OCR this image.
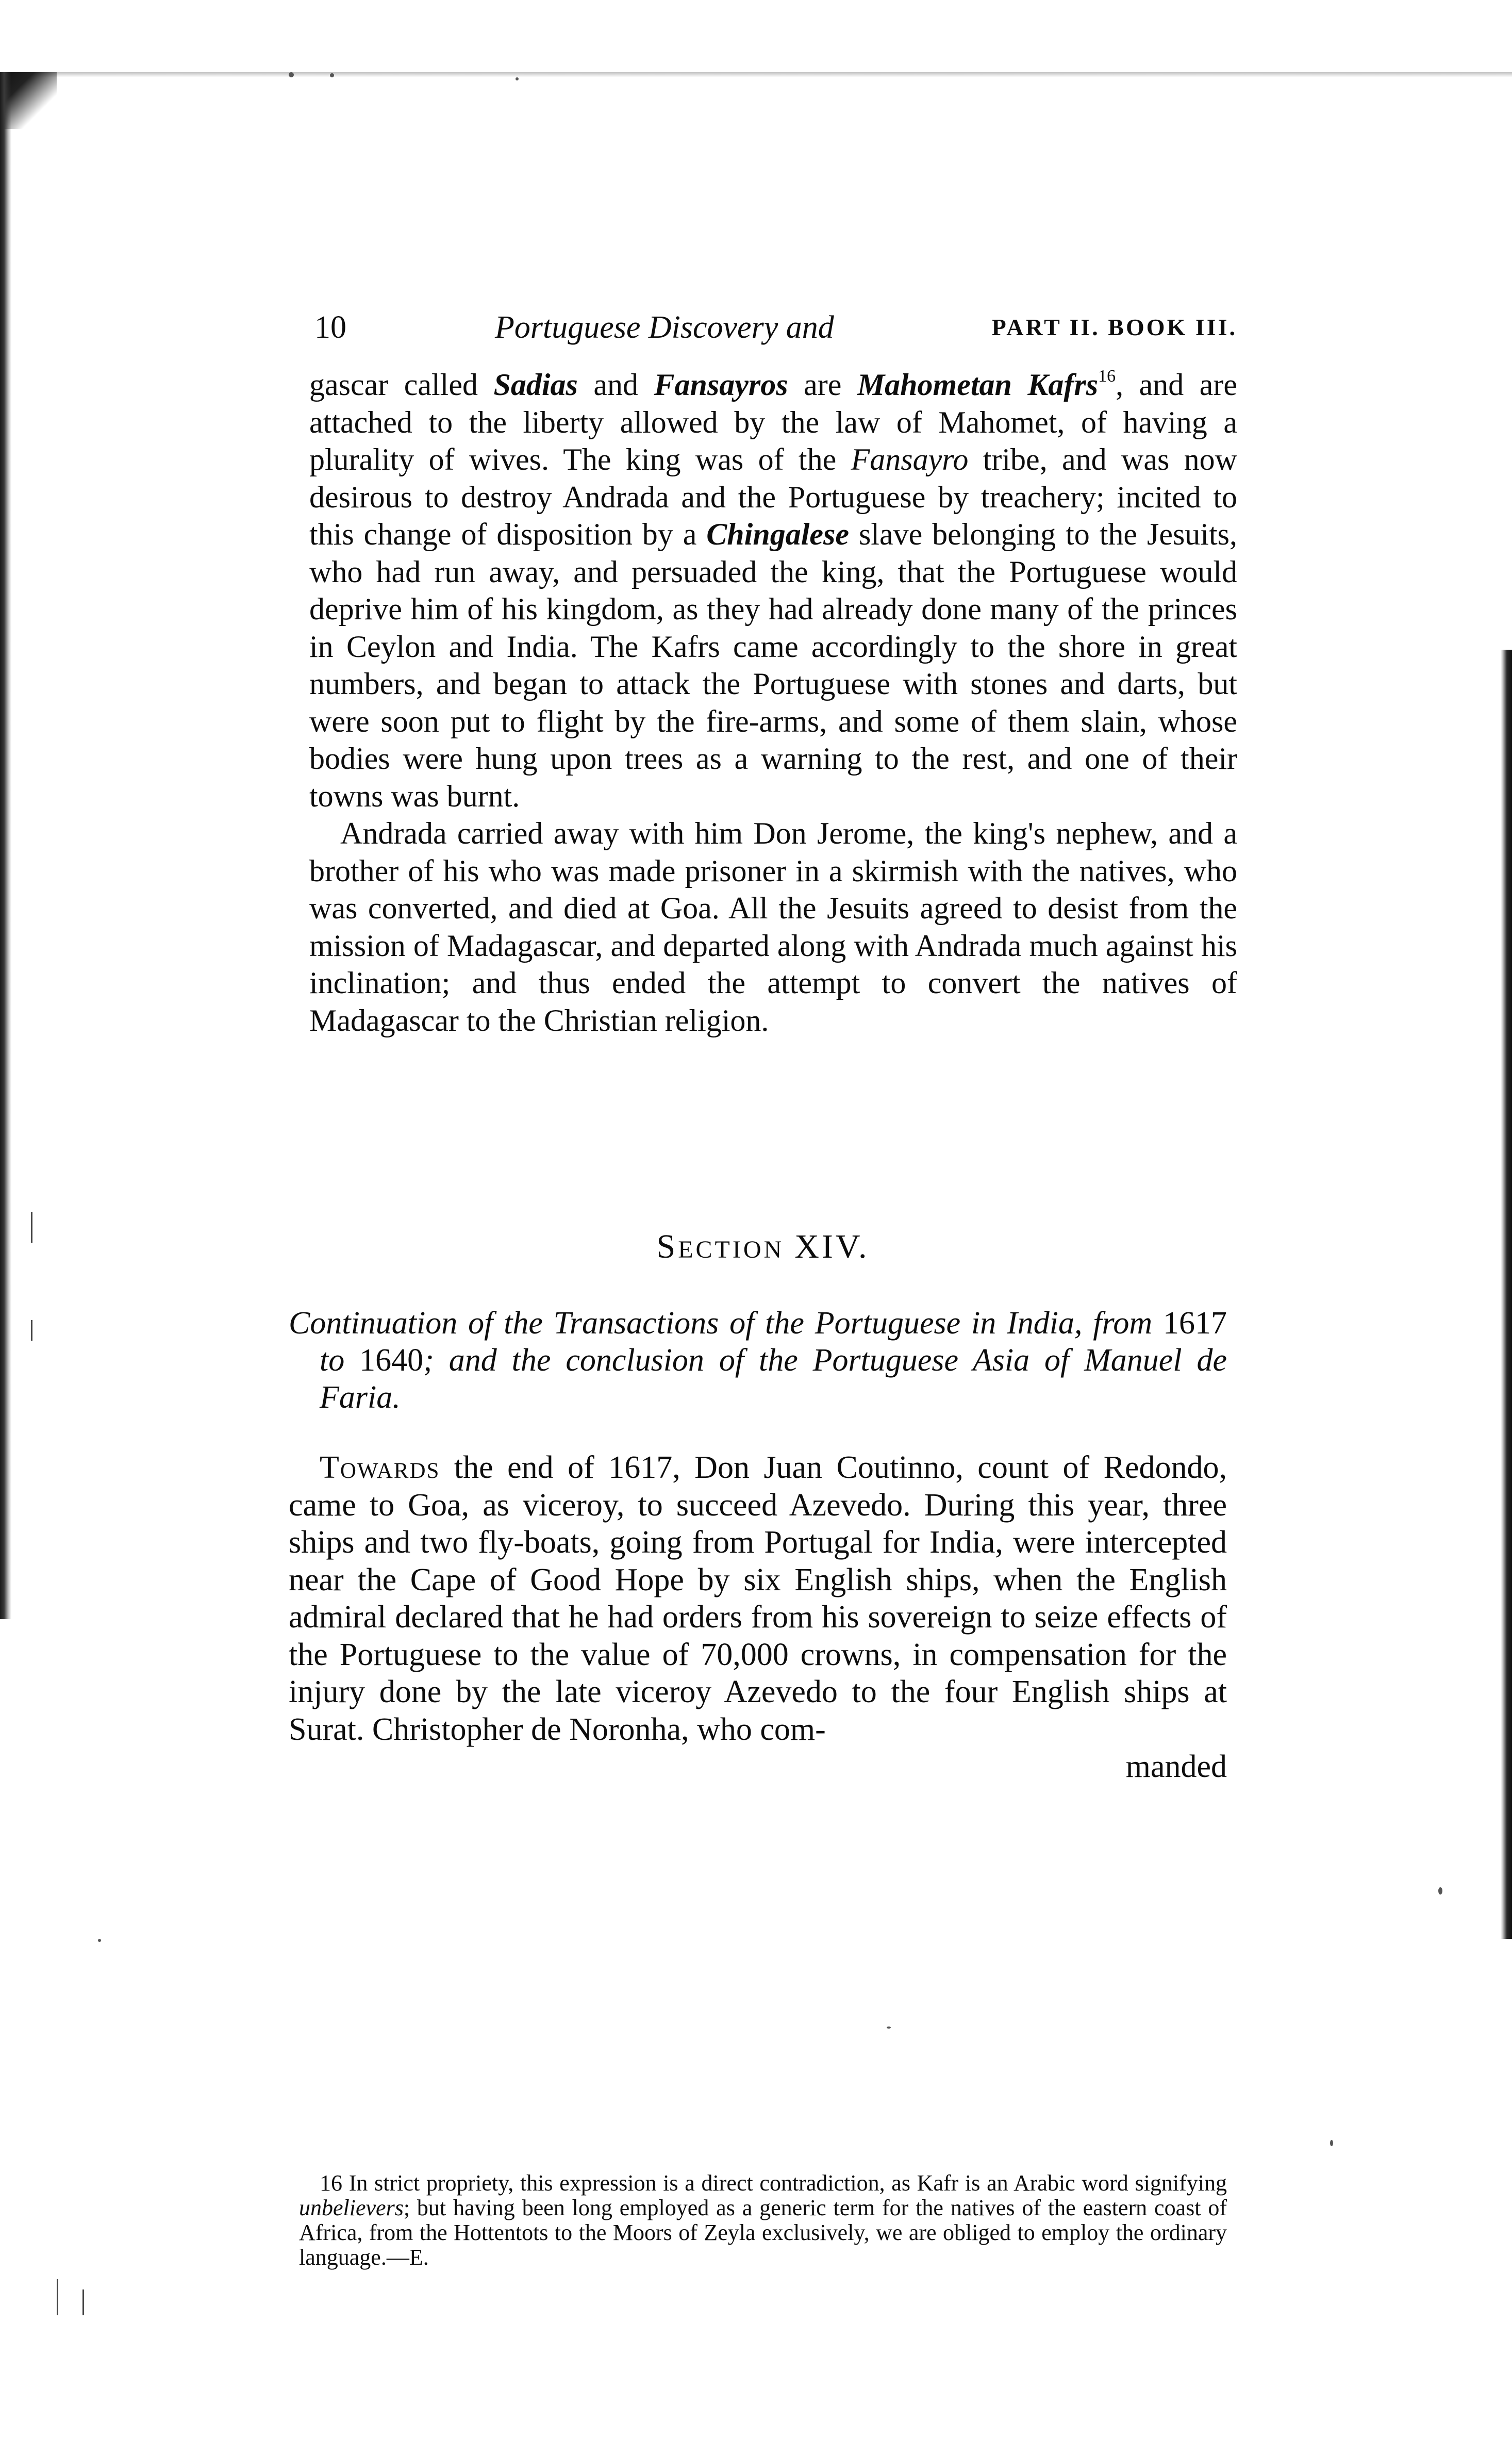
10	Portuguese Discovery and	PART II. BOOK III.

gascar called Sadias and Fansayros are Mahometan Kafrs$^{16}$, and are attached to the liberty allowed by the law of Mahomet, of having a plurality of wives. The king was of the Fansayro tribe, and was now desirous to destroy Andrada and the Portuguese by treachery; incited to this change of disposition by a Chingalese slave belonging to the Jesuits, who had run away, and persuaded the king, that the Portuguese would deprive him of his kingdom, as they had already done many of the princes in Ceylon and India. The Kafrs came accordingly to the shore in great numbers, and began to attack the Portuguese with stones and darts, but were soon put to flight by the fire-arms, and some of them slain, whose bodies were hung upon trees as a warning to the rest, and one of their towns was burnt.

Andrada carried away with him Don Jerome, the king's nephew, and a brother of his who was made prisoner in a skirmish with the natives, who was converted, and died at Goa. All the Jesuits agreed to desist from the mission of Madagascar, and departed along with Andrada much against his inclination; and thus ended the attempt to convert the natives of Madagascar to the Christian religion.

SECTION XIV.
Continuation of the Transactions of the Portuguese in India, from 1617 to 1640; and the conclusion of the Portuguese Asia of Manuel de Faria.

Towards the end of 1617, Don Juan Coutinno, count of Redondo, came to Goa, as viceroy, to succeed Azevedo. During this year, three ships and two fly-boats, going from Portugal for India, were intercepted near the Cape of Good Hope by six English ships, when the English admiral declared that he had orders from his sovereign to seize effects of the Portuguese to the value of 70,000 crowns, in compensation for the injury done by the late viceroy Azevedo to the four English ships at Surat. Christopher de Noronha, who com-

manded

16 In strict propriety, this expression is a direct contradiction, as Kafr is an Arabic word signifying unbelievers; but having been long employed as a generic term for the natives of the eastern coast of Africa, from the Hottentots to the Moors of Zeyla exclusively, we are obliged to employ the ordinary language.—E.
